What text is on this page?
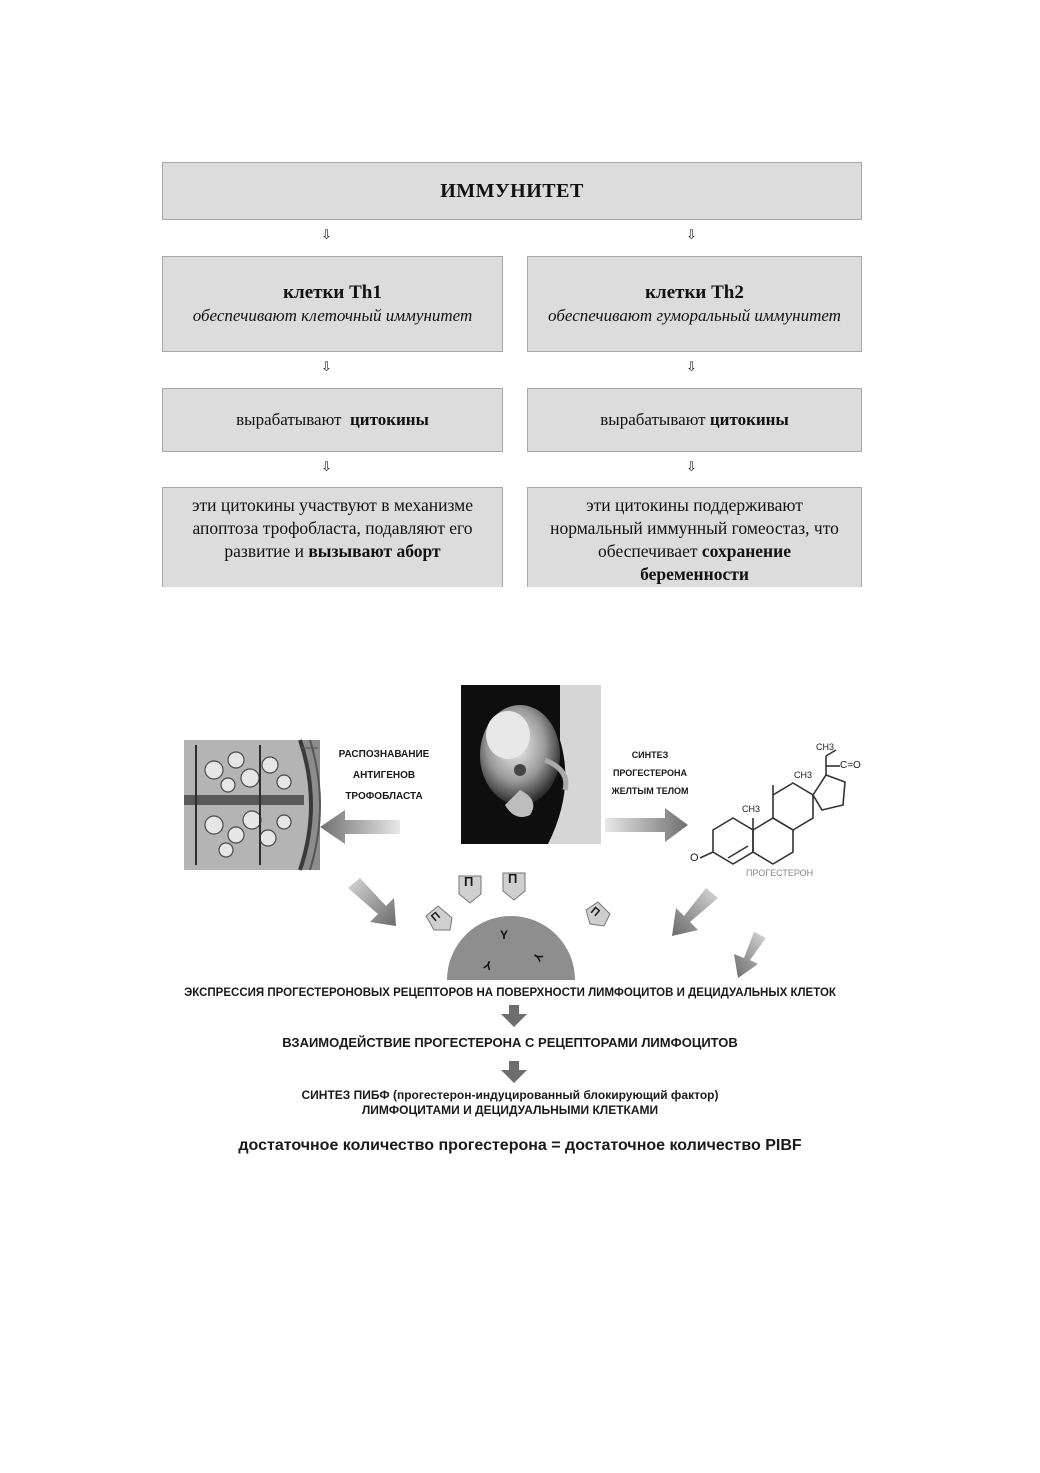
ИММУНИТЕТ
⇩	⇩
клетки Th1
обеспечивают клеточный иммунитет
клетки Th2
обеспечивают гуморальный иммунитет
⇩	⇩
вырабатывают цитокины	вырабатывают цитокины
⇩	⇩
эти цитокины участвуют в механизме апоптоза трофобласта, подавляют его развитие и вызывают аборт
эти цитокины поддерживают нормальный иммунный гомеостаз, что обеспечивает сохранение беременности
П	П
П	П
Y
Y
Y
РАСПОЗНАВАНИЕ
АНТИГЕНОВ
ТРОФОБЛАСТА
СИНТЕЗ
ПРОГЕСТЕРОНА
ЖЕЛТЫМ ТЕЛОМ
CH3
C=O
CH3
CH3
O
ПРОГЕСТЕРОН
ЭКСПРЕССИЯ ПРОГЕСТЕРОНОВЫХ РЕЦЕПТОРОВ НА ПОВЕРХНОСТИ ЛИМФОЦИТОВ И ДЕЦИДУАЛЬНЫХ КЛЕТОК
ВЗАИМОДЕЙСТВИЕ ПРОГЕСТЕРОНА С РЕЦЕПТОРАМИ ЛИМФОЦИТОВ
СИНТЕЗ ПИБФ (прогестерон-индуцированный блокирующий фактор)
ЛИМФОЦИТАМИ И ДЕЦИДУАЛЬНЫМИ КЛЕТКАМИ
достаточное количество прогестерона = достаточное количество PIBF
